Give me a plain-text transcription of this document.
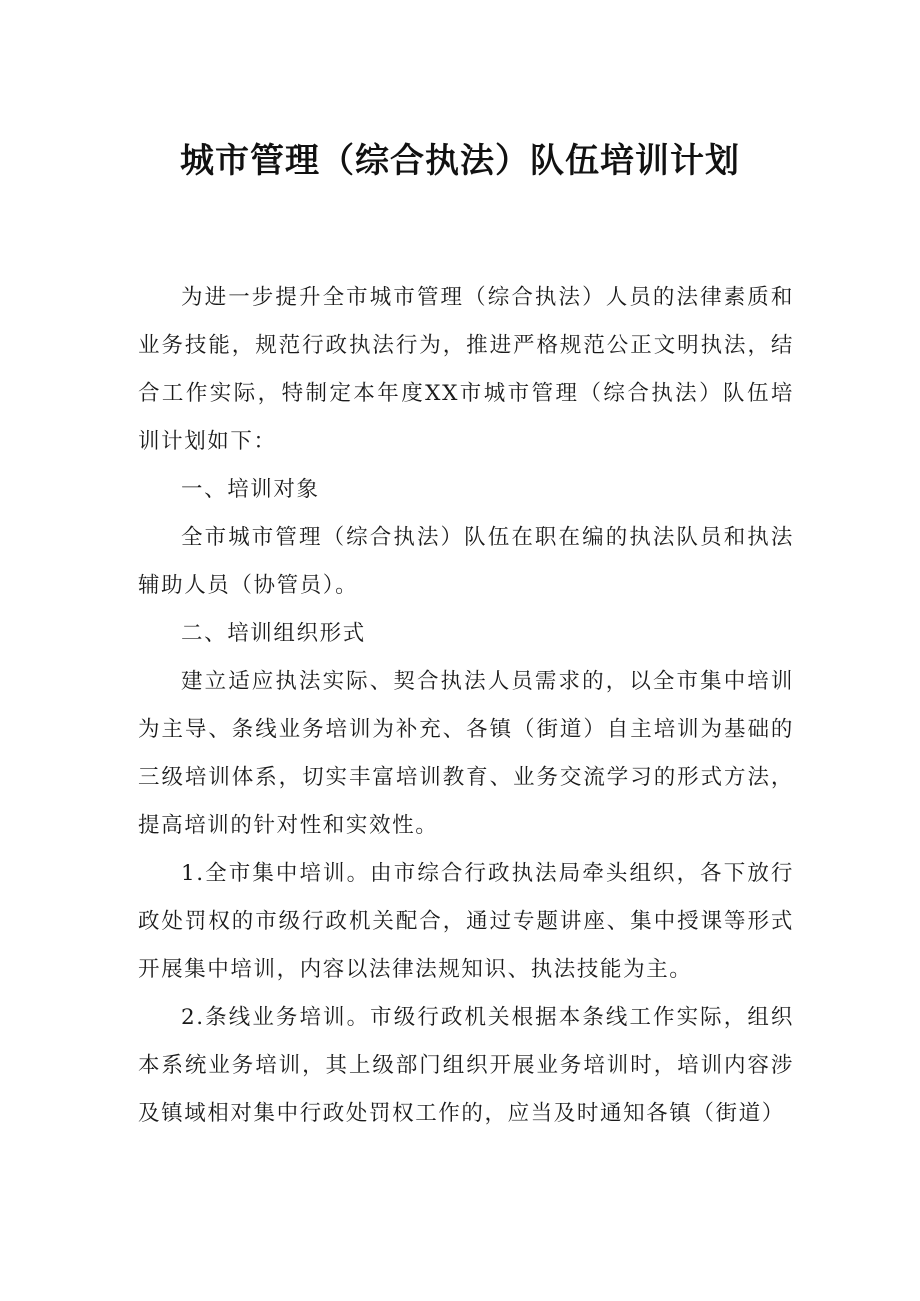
城市管理（综合执法）队伍培训计划

为进一步提升全市城市管理（综合执法）人员的法律素质和业务技能，规范行政执法行为，推进严格规范公正文明执法，结合工作实际，特制定本年度XX市城市管理（综合执法）队伍培训计划如下：

一、培训对象

全市城市管理（综合执法）队伍在职在编的执法队员和执法辅助人员（协管员）。

二、培训组织形式

建立适应执法实际、契合执法人员需求的，以全市集中培训为主导、条线业务培训为补充、各镇（街道）自主培训为基础的三级培训体系，切实丰富培训教育、业务交流学习的形式方法，提高培训的针对性和实效性。

1.全市集中培训。由市综合行政执法局牵头组织，各下放行政处罚权的市级行政机关配合，通过专题讲座、集中授课等形式开展集中培训，内容以法律法规知识、执法技能为主。

2.条线业务培训。市级行政机关根据本条线工作实际，组织本系统业务培训，其上级部门组织开展业务培训时，培训内容涉及镇域相对集中行政处罚权工作的，应当及时通知各镇（街道）
